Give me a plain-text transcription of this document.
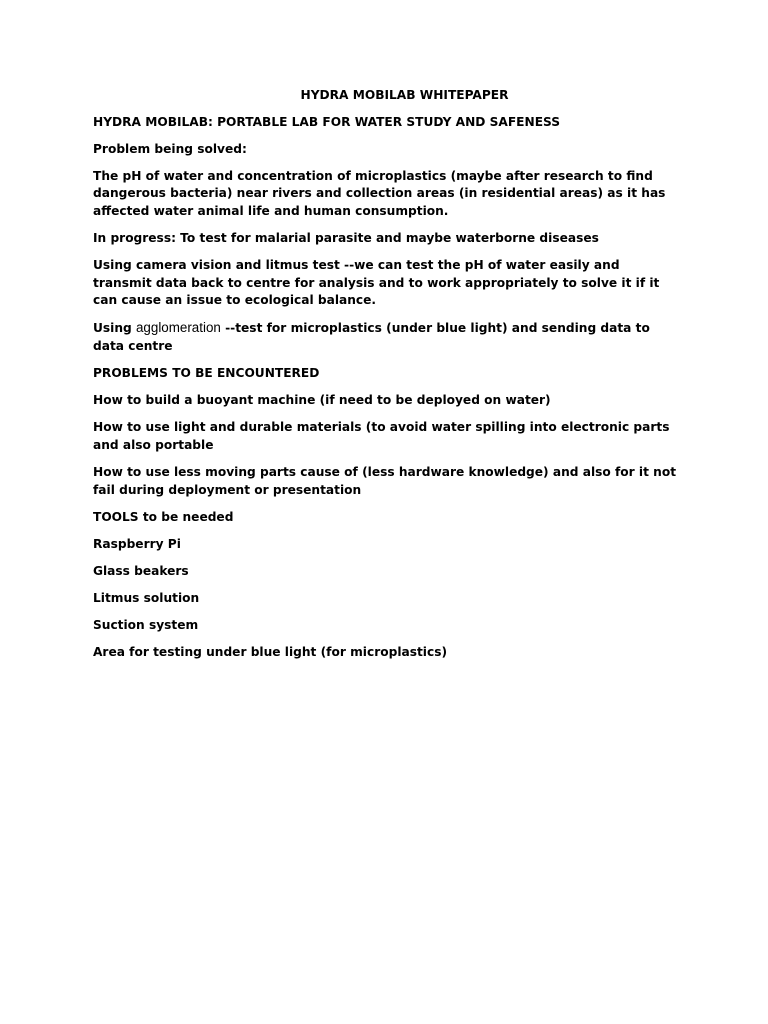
HYDRA MOBILAB WHITEPAPER

HYDRA MOBILAB: PORTABLE LAB FOR WATER STUDY AND SAFENESS

Problem being solved:

The pH of water and concentration of microplastics (maybe after research to find dangerous bacteria) near rivers and collection areas (in residential areas) as it has affected water animal life and human consumption.

In progress: To test for malarial parasite and maybe waterborne diseases

Using camera vision and litmus test --we can test the pH of water easily and transmit data back to centre for analysis and to work appropriately to solve it if it can cause an issue to ecological balance.

Using agglomeration --test for microplastics (under blue light) and sending data to data centre

PROBLEMS TO BE ENCOUNTERED

How to build a buoyant machine (if need to be deployed on water)

How to use light and durable materials (to avoid water spilling into electronic parts and also portable

How to use less moving parts cause of (less hardware knowledge) and also for it not fail during deployment or presentation

TOOLS to be needed

Raspberry Pi

Glass beakers

Litmus solution

Suction system

Area for testing under blue light (for microplastics)
